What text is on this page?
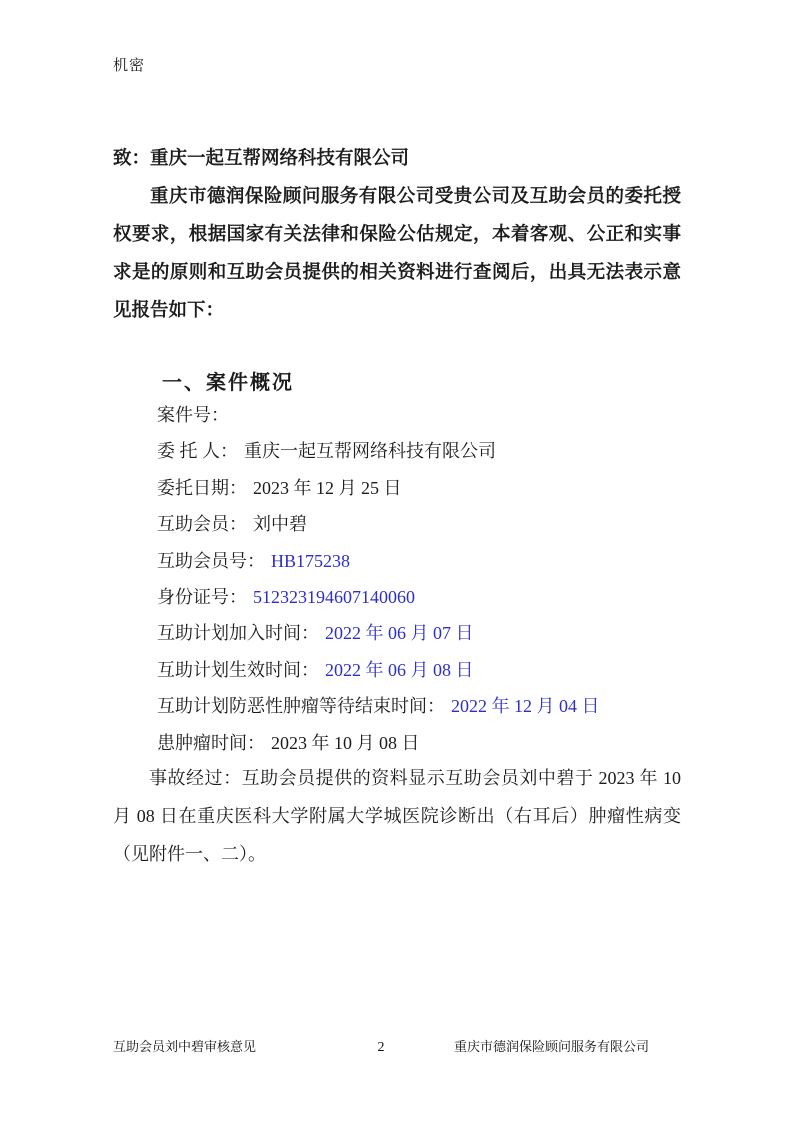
机密
致：重庆一起互帮网络科技有限公司

重庆市德润保险顾问服务有限公司受贵公司及互助会员的委托授权要求，根据国家有关法律和保险公估规定，本着客观、公正和实事求是的原则和互助会员提供的相关资料进行查阅后，出具无法表示意见报告如下：

一、案件概况
案件号：
委 托 人： 重庆一起互帮网络科技有限公司
委托日期： 2023 年 12 月 25 日
互助会员： 刘中碧
互助会员号： HB175238
身份证号： 512323194607140060
互助计划加入时间： 2022 年 06 月 07 日
互助计划生效时间： 2022 年 06 月 08 日
互助计划防恶性肿瘤等待结束时间： 2022 年 12 月 04 日
患肿瘤时间： 2023 年 10 月 08 日

事故经过：互助会员提供的资料显示互助会员刘中碧于 2023 年 10 月 08 日在重庆医科大学附属大学城医院诊断出（右耳后）肿瘤性病变（见附件一、二）。

互助会员刘中碧审核意见	2	重庆市德润保险顾问服务有限公司
